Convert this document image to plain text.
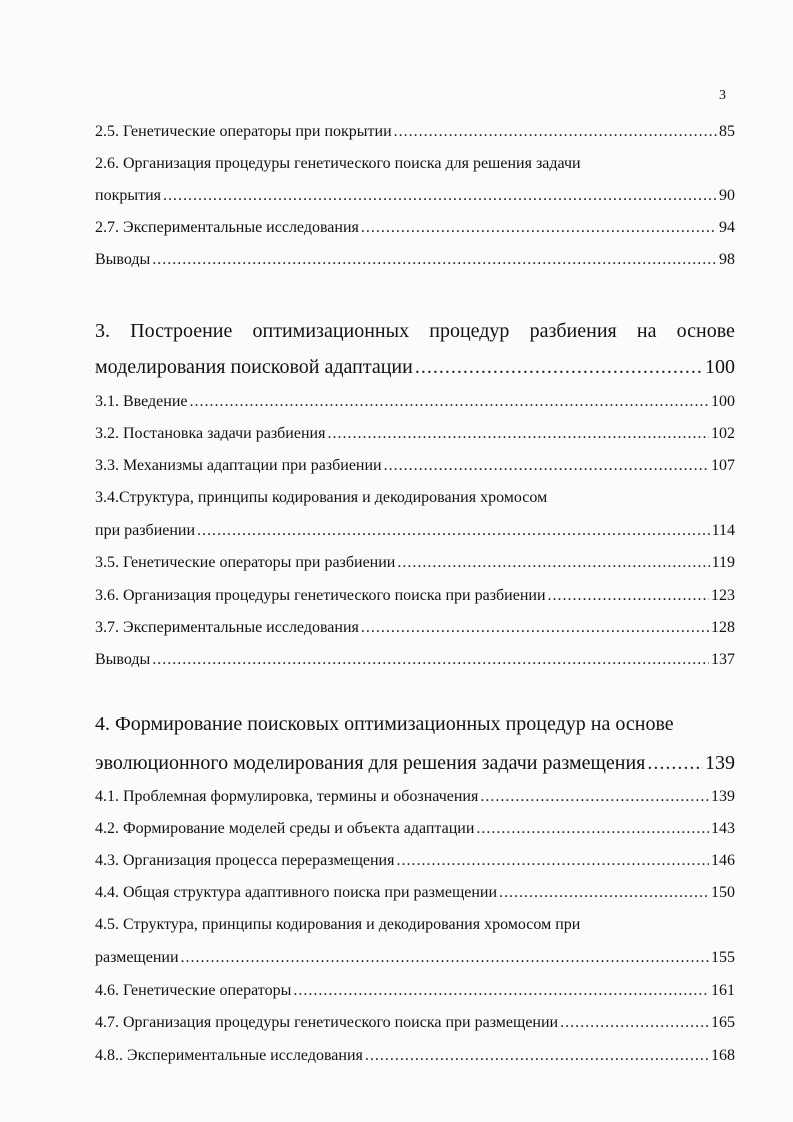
3
2.5. Генетические операторы при покрытии .....	85
2.6. Организация процедуры генетического поиска для решения задачи
покрытия .....	90
2.7. Экспериментальные исследования .....	94
Выводы .....	98
3. Построение оптимизационных процедур разбиения на основе
моделирования поисковой адаптации .....	100
3.1. Введение .....	100
3.2. Постановка задачи разбиения .....	102
3.3. Механизмы адаптации при разбиении .....	107
3.4.Структура, принципы кодирования и декодирования хромосом
при разбиении .....	114
3.5. Генетические операторы при разбиении .....	119
3.6. Организация процедуры генетического поиска при разбиении .....	123
3.7. Экспериментальные исследования .....	128
Выводы .....	137
4. Формирование поисковых оптимизационных процедур на основе
эволюционного моделирования для решения задачи размещения .....	139
4.1. Проблемная формулировка, термины и обозначения .....	139
4.2. Формирование моделей среды и объекта адаптации .....	143
4.3. Организация процесса переразмещения .....	146
4.4. Общая структура адаптивного поиска при размещении .....	150
4.5. Структура, принципы кодирования и декодирования хромосом при
размещении .....	155
4.6. Генетические операторы .....	161
4.7. Организация процедуры генетического поиска при размещении .....	165
4.8.. Экспериментальные исследования .....	168
